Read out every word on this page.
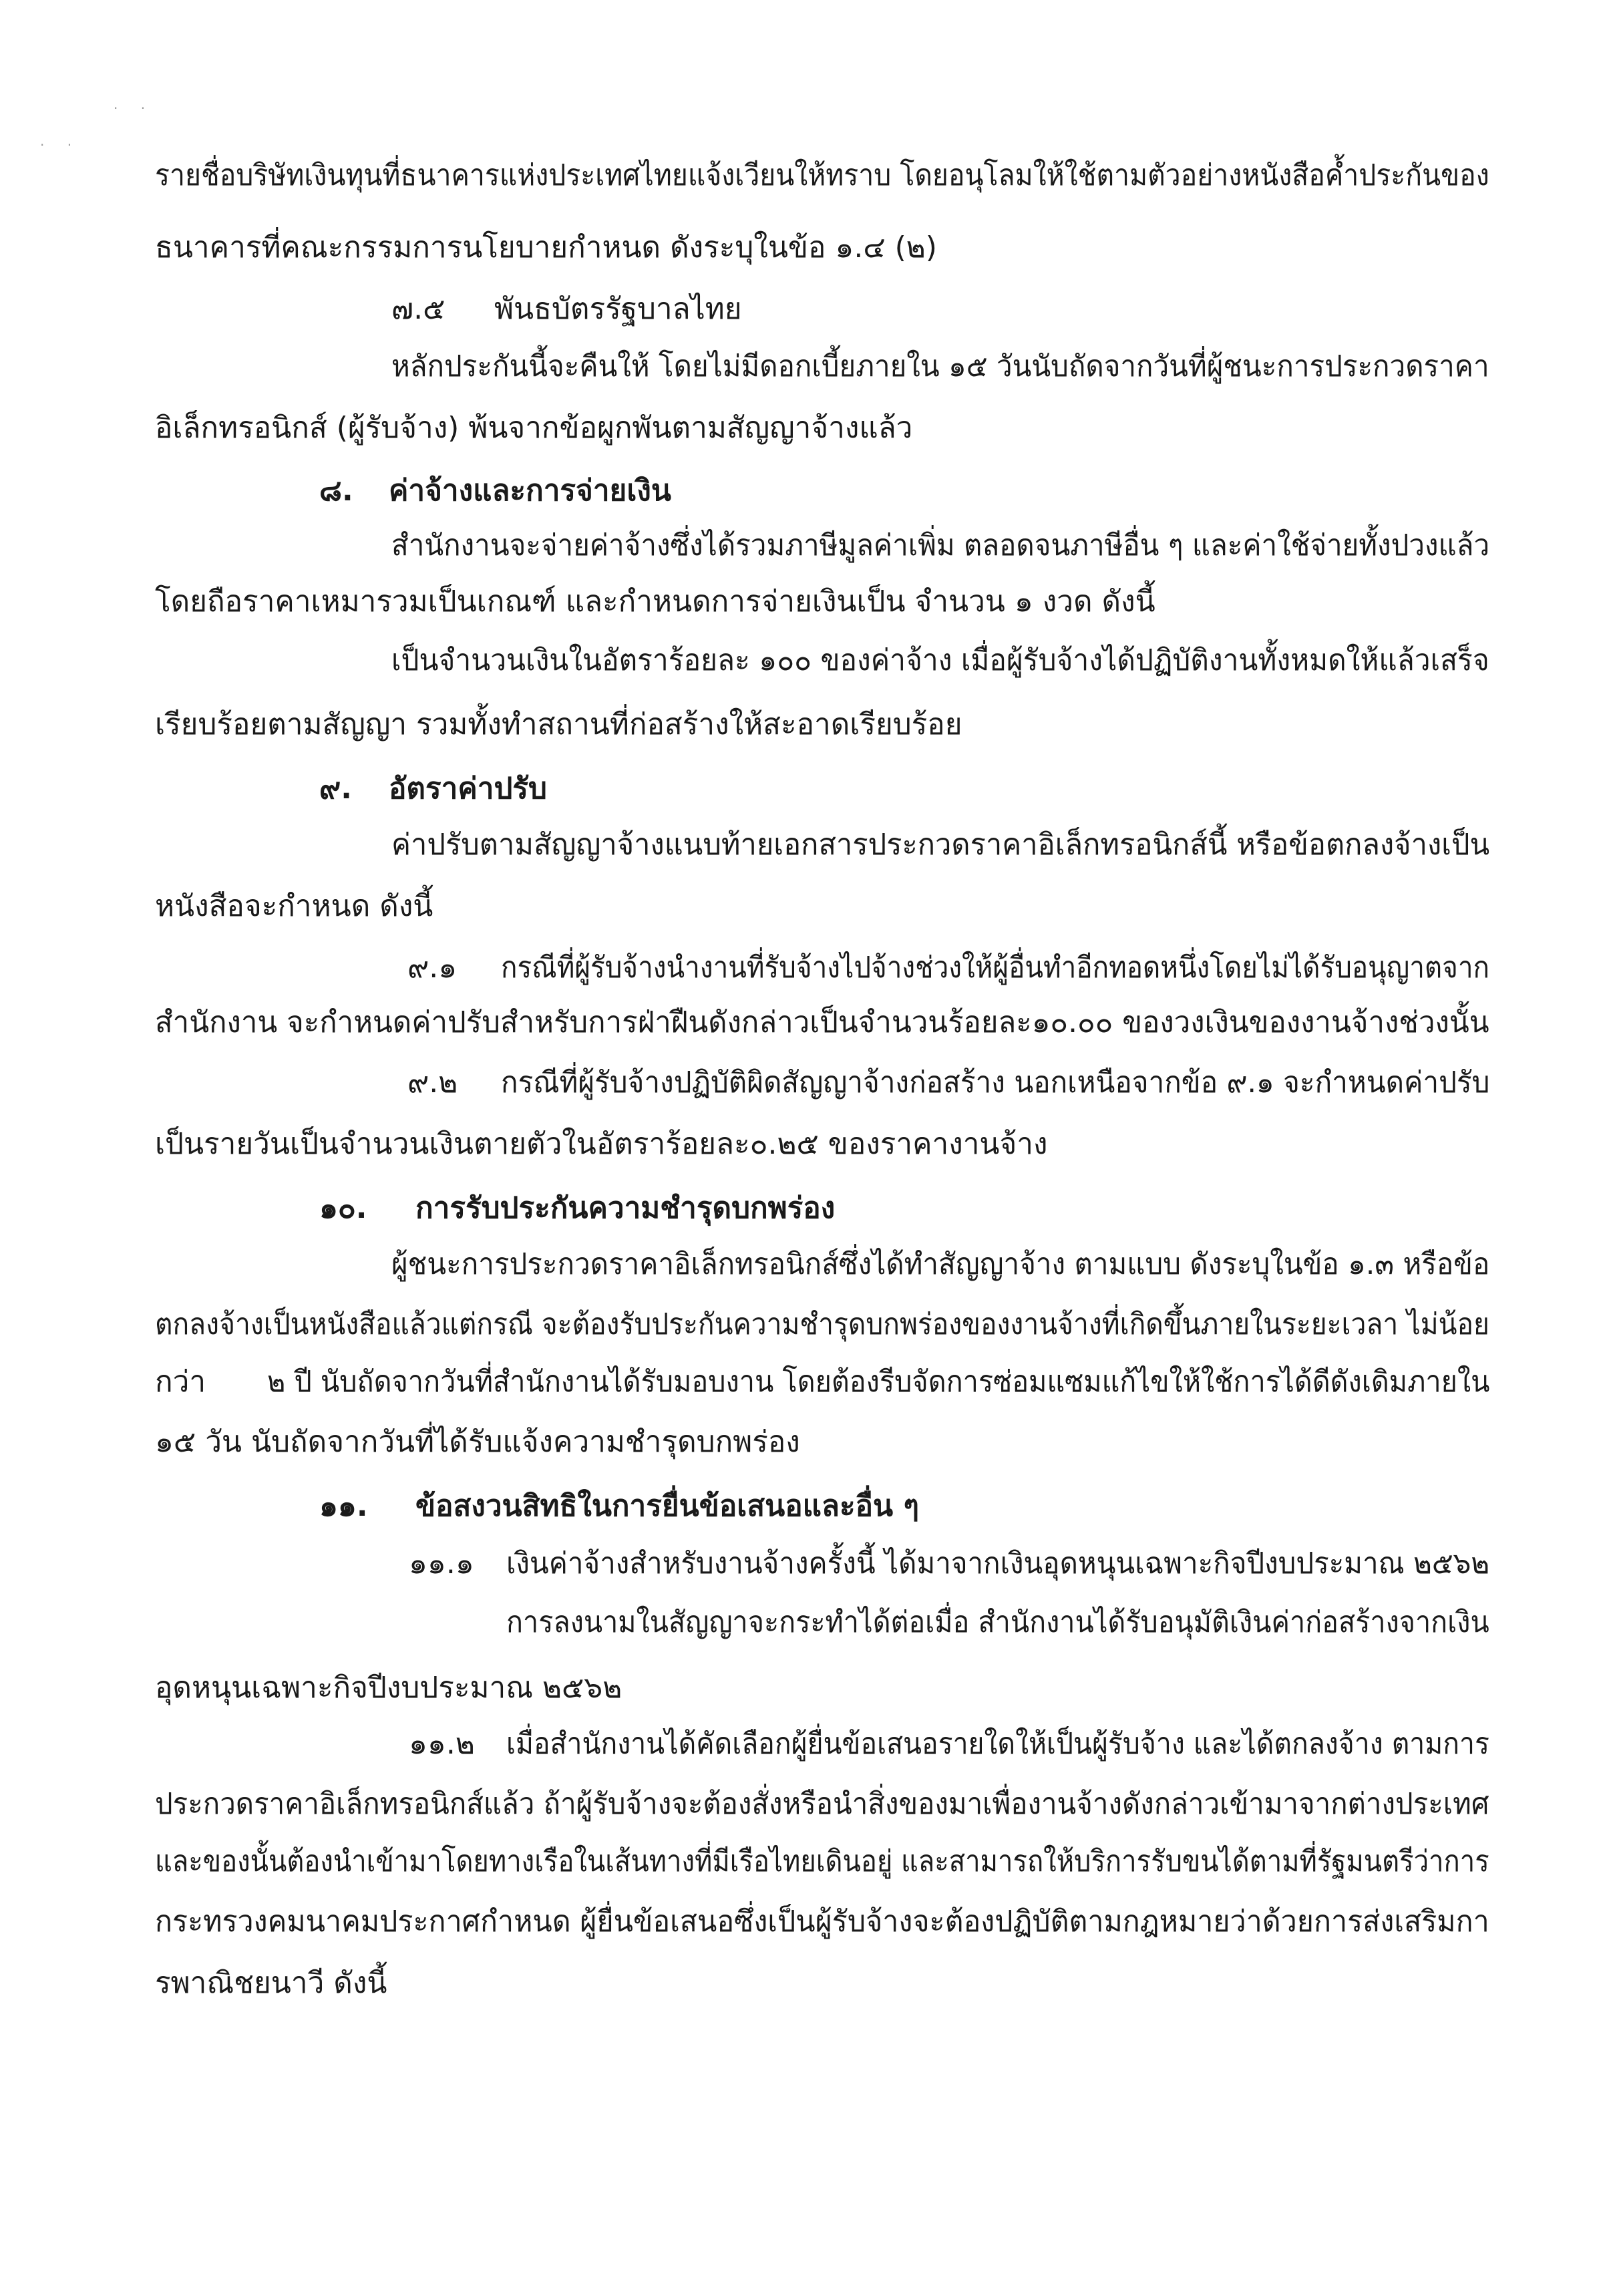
· ·
· ·
รายชื่อบริษัทเงินทุนที่ธนาคารแห่งประเทศไทยแจ้งเวียนให้ทราบ โดยอนุโลมให้ใช้ตามตัวอย่างหนังสือค้ำประกันของ
ธนาคารที่คณะกรรมการนโยบายกำหนด ดังระบุในข้อ ๑.๔ (๒)
๗.๕ พันธบัตรรัฐบาลไทย
หลักประกันนี้จะคืนให้ โดยไม่มีดอกเบี้ยภายใน ๑๕ วันนับถัดจากวันที่ผู้ชนะการประกวดราคา
อิเล็กทรอนิกส์ (ผู้รับจ้าง) พ้นจากข้อผูกพันตามสัญญาจ้างแล้ว
๘. ค่าจ้างและการจ่ายเงิน
สำนักงานจะจ่ายค่าจ้างซึ่งได้รวมภาษีมูลค่าเพิ่ม ตลอดจนภาษีอื่น ๆ และค่าใช้จ่ายทั้งปวงแล้ว
โดยถือราคาเหมารวมเป็นเกณฑ์ และกำหนดการจ่ายเงินเป็น จำนวน ๑ งวด ดังนี้
เป็นจำนวนเงินในอัตราร้อยละ ๑๐๐ ของค่าจ้าง เมื่อผู้รับจ้างได้ปฏิบัติงานทั้งหมดให้แล้วเสร็จ
เรียบร้อยตามสัญญา รวมทั้งทำสถานที่ก่อสร้างให้สะอาดเรียบร้อย
๙. อัตราค่าปรับ
ค่าปรับตามสัญญาจ้างแนบท้ายเอกสารประกวดราคาอิเล็กทรอนิกส์นี้ หรือข้อตกลงจ้างเป็น
หนังสือจะกำหนด ดังนี้
๙.๑ กรณีที่ผู้รับจ้างนำงานที่รับจ้างไปจ้างช่วงให้ผู้อื่นทำอีกทอดหนึ่งโดยไม่ได้รับอนุญาตจาก
สำนักงาน จะกำหนดค่าปรับสำหรับการฝ่าฝืนดังกล่าวเป็นจำนวนร้อยละ๑๐.๐๐ ของวงเงินของงานจ้างช่วงนั้น
๙.๒ กรณีที่ผู้รับจ้างปฏิบัติผิดสัญญาจ้างก่อสร้าง นอกเหนือจากข้อ ๙.๑ จะกำหนดค่าปรับ
เป็นรายวันเป็นจำนวนเงินตายตัวในอัตราร้อยละ๐.๒๕ ของราคางานจ้าง
๑๐. การรับประกันความชำรุดบกพร่อง
ผู้ชนะการประกวดราคาอิเล็กทรอนิกส์ซึ่งได้ทำสัญญาจ้าง ตามแบบ ดังระบุในข้อ ๑.๓ หรือข้อ
ตกลงจ้างเป็นหนังสือแล้วแต่กรณี จะต้องรับประกันความชำรุดบกพร่องของงานจ้างที่เกิดขึ้นภายในระยะเวลา ไม่น้อย
กว่า ๒ ปี นับถัดจากวันที่สำนักงานได้รับมอบงาน โดยต้องรีบจัดการซ่อมแซมแก้ไขให้ใช้การได้ดีดังเดิมภายใน
๑๕ วัน นับถัดจากวันที่ได้รับแจ้งความชำรุดบกพร่อง
๑๑. ข้อสงวนสิทธิในการยื่นข้อเสนอและอื่น ๆ
๑๑.๑ เงินค่าจ้างสำหรับงานจ้างครั้งนี้ ได้มาจากเงินอุดหนุนเฉพาะกิจปีงบประมาณ ๒๕๖๒
การลงนามในสัญญาจะกระทำได้ต่อเมื่อ สำนักงานได้รับอนุมัติเงินค่าก่อสร้างจากเงิน
อุดหนุนเฉพาะกิจปีงบประมาณ ๒๕๖๒
๑๑.๒ เมื่อสำนักงานได้คัดเลือกผู้ยื่นข้อเสนอรายใดให้เป็นผู้รับจ้าง และได้ตกลงจ้าง ตามการ
ประกวดราคาอิเล็กทรอนิกส์แล้ว ถ้าผู้รับจ้างจะต้องสั่งหรือนำสิ่งของมาเพื่องานจ้างดังกล่าวเข้ามาจากต่างประเทศ
และของนั้นต้องนำเข้ามาโดยทางเรือในเส้นทางที่มีเรือไทยเดินอยู่ และสามารถให้บริการรับขนได้ตามที่รัฐมนตรีว่าการ
กระทรวงคมนาคมประกาศกำหนด ผู้ยื่นข้อเสนอซึ่งเป็นผู้รับจ้างจะต้องปฏิบัติตามกฎหมายว่าด้วยการส่งเสริมกา
รพาณิชยนาวี ดังนี้
